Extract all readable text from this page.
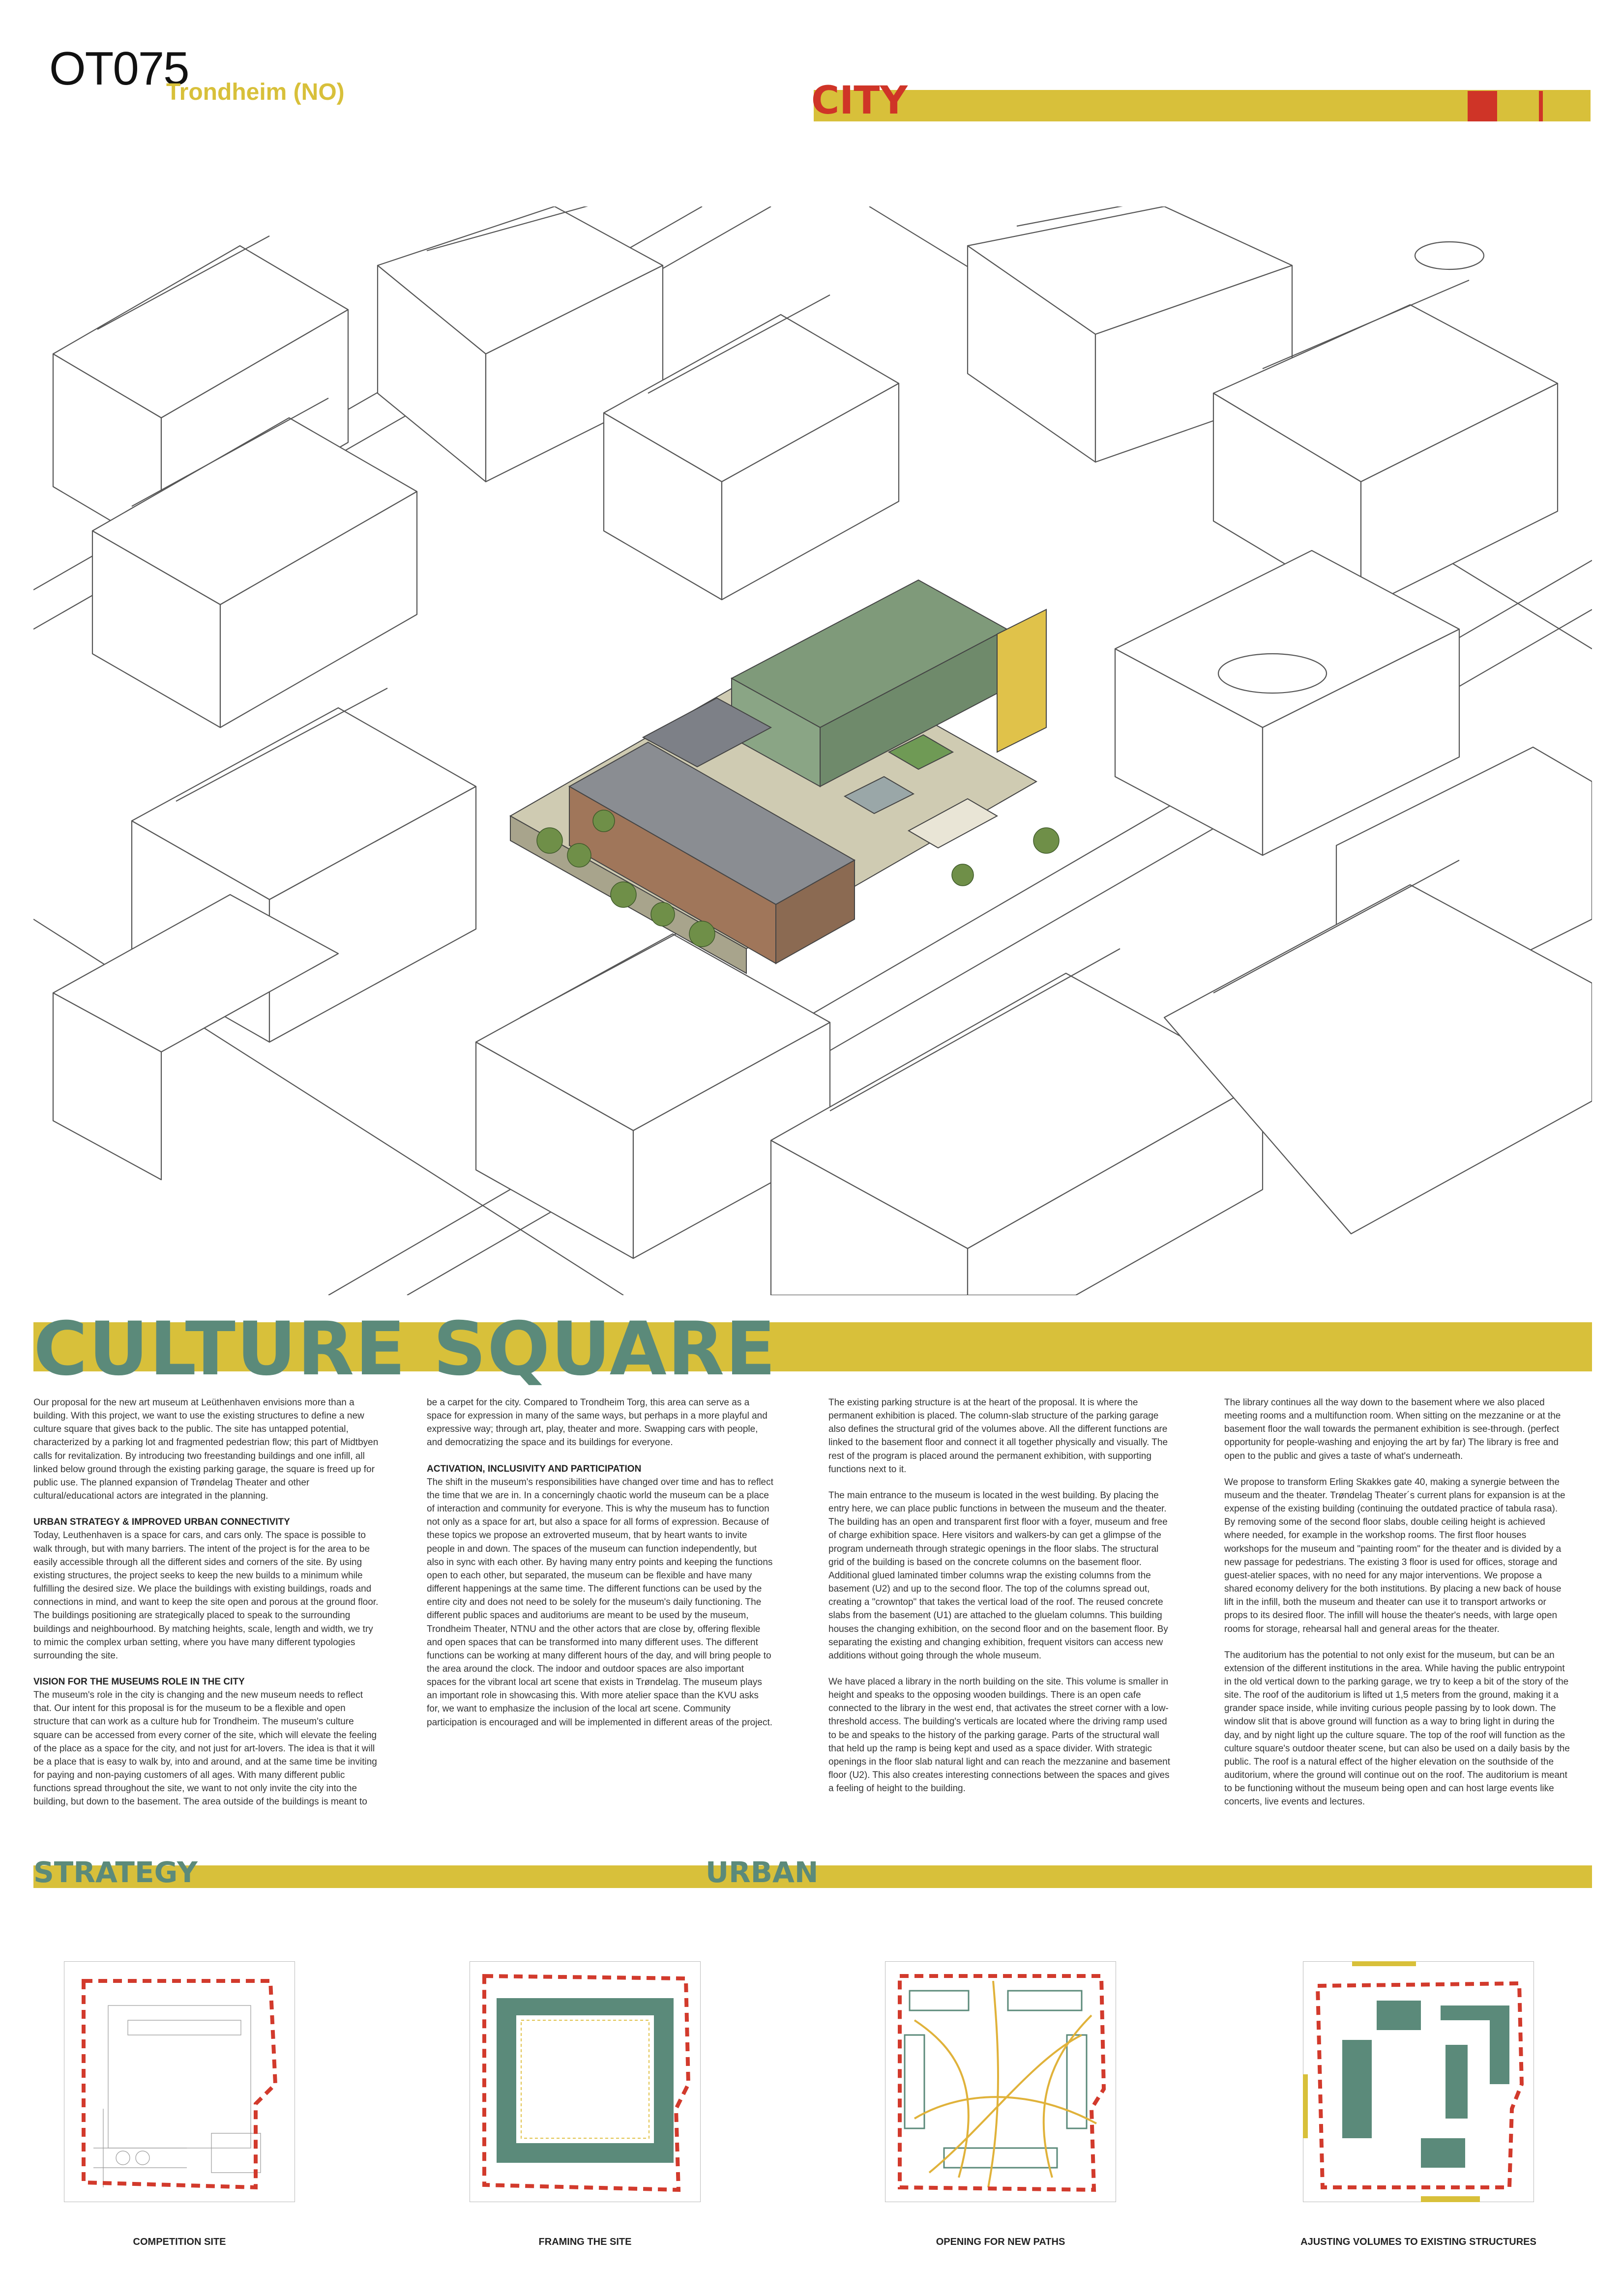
OT075
Trondheim (NO)	CITY
CULTURE SQUARE

Our proposal for the new art museum at Leüthenhaven envisions more than a building. With this project, we want to use the existing structures to define a new culture square that gives back to the public. The site has untapped potential, characterized by a parking lot and fragmented pedestrian flow; this part of Midtbyen calls for revitalization. By introducing two freestanding buildings and one infill, all linked below ground through the existing parking garage, the square is freed up for public use. The planned expansion of Trøndelag Theater and other cultural/educational actors are integrated in the planning.

URBAN STRATEGY & IMPROVED URBAN CONNECTIVITY

Today, Leuthenhaven is a space for cars, and cars only. The space is possible to walk through, but with many barriers. The intent of the project is for the area to be easily accessible through all the different sides and corners of the site. By using existing structures, the project seeks to keep the new builds to a minimum while fulfilling the desired size. We place the buildings with existing buildings, roads and connections in mind, and want to keep the site open and porous at the ground floor. The buildings positioning are strategically placed to speak to the surrounding buildings and neighbourhood. By matching heights, scale, length and width, we try to mimic the complex urban setting, where you have many different typologies surrounding the site.

VISION FOR THE MUSEUMS ROLE IN THE CITY

The museum's role in the city is changing and the new museum needs to reflect that. Our intent for this proposal is for the museum to be a flexible and open structure that can work as a culture hub for Trondheim. The museum's culture square can be accessed from every corner of the site, which will elevate the feeling of the place as a space for the city, and not just for art-lovers. The idea is that it will be a place that is easy to walk by, into and around, and at the same time be inviting for paying and non-paying customers of all ages. With many different public functions spread throughout the site, we want to not only invite the city into the building, but down to the basement. The area outside of the buildings is meant to

be a carpet for the city. Compared to Trondheim Torg, this area can serve as a space for expression in many of the same ways, but perhaps in a more playful and expressive way; through art, play, theater and more. Swapping cars with people, and democratizing the space and its buildings for everyone.

ACTIVATION, INCLUSIVITY AND PARTICIPATION

The shift in the museum's responsibilities have changed over time and has to reflect the time that we are in. In a concerningly chaotic world the museum can be a place of interaction and community for everyone. This is why the museum has to function not only as a space for art, but also a space for all forms of expression. Because of these topics we propose an extroverted museum, that by heart wants to invite people in and down. The spaces of the museum can function independently, but also in sync with each other. By having many entry points and keeping the functions open to each other, but separated, the museum can be flexible and have many different happenings at the same time. The different functions can be used by the entire city and does not need to be solely for the museum's daily functioning. The different public spaces and auditoriums are meant to be used by the museum, Trondheim Theater, NTNU and the other actors that are close by, offering flexible and open spaces that can be transformed into many different uses. The different functions can be working at many different hours of the day, and will bring people to the area around the clock. The indoor and outdoor spaces are also important spaces for the vibrant local art scene that exists in Trøndelag. The museum plays an important role in showcasing this. With more atelier space than the KVU asks for, we want to emphasize the inclusion of the local art scene. Community participation is encouraged and will be implemented in different areas of the project.

The existing parking structure is at the heart of the proposal. It is where the permanent exhibition is placed. The column-slab structure of the parking garage also defines the structural grid of the volumes above. All the different functions are linked to the basement floor and connect it all together physically and visually. The rest of the program is placed around the permanent exhibition, with supporting functions next to it.

The main entrance to the museum is located in the west building. By placing the entry here, we can place public functions in between the museum and the theater. The building has an open and transparent first floor with a foyer, museum and free of charge exhibition space. Here visitors and walkers-by can get a glimpse of the program underneath through strategic openings in the floor slabs. The structural grid of the building is based on the concrete columns on the basement floor. Additional glued laminated timber columns wrap the existing columns from the basement (U2) and up to the second floor. The top of the columns spread out, creating a "crowntop" that takes the vertical load of the roof. The reused concrete slabs from the basement (U1) are attached to the gluelam columns. This building houses the changing exhibition, on the second floor and on the basement floor. By separating the existing and changing exhibition, frequent visitors can access new additions without going through the whole museum.

We have placed a library in the north building on the site. This volume is smaller in height and speaks to the opposing wooden buildings. There is an open cafe connected to the library in the west end, that activates the street corner with a low-threshold access. The building's verticals are located where the driving ramp used to be and speaks to the history of the parking garage. Parts of the structural wall that held up the ramp is being kept and used as a space divider. With strategic openings in the floor slab natural light and can reach the mezzanine and basement floor (U2). This also creates interesting connections between the spaces and gives a feeling of height to the building.

The library continues all the way down to the basement where we also placed meeting rooms and a multifunction room. When sitting on the mezzanine or at the basement floor the wall towards the permanent exhibition is see-through. (perfect opportunity for people-washing and enjoying the art by far) The library is free and open to the public and gives a taste of what's underneath.

We propose to transform Erling Skakkes gate 40, making a synergie between the museum and the theater. Trøndelag Theater´s current plans for expansion is at the expense of the existing building (continuing the outdated practice of tabula rasa). By removing some of the second floor slabs, double ceiling height is achieved where needed, for example in the workshop rooms. The first floor houses workshops for the museum and "painting room" for the theater and is divided by a new passage for pedestrians. The existing 3 floor is used for offices, storage and guest-atelier spaces, with no need for any major interventions. We propose a shared economy delivery for the both institutions. By placing a new back of house lift in the infill, both the museum and theater can use it to transport artworks or props to its desired floor. The infill will house the theater's needs, with large open rooms for storage, rehearsal hall and general areas for the theater.

The auditorium has the potential to not only exist for the museum, but can be an extension of the different institutions in the area. While having the public entrypoint in the old vertical down to the parking garage, we try to keep a bit of the story of the site. The roof of the auditorium is lifted ut 1,5 meters from the ground, making it a grander space inside, while inviting curious people passing by to look down. The window slit that is above ground will function as a way to bring light in during the day, and by night light up the culture square. The top of the roof will function as the culture square's outdoor theater scene, but can also be used on a daily basis by the public. The roof is a natural effect of the higher elevation on the southside of the auditorium, where the ground will continue out on the roof. The auditorium is meant to be functioning without the museum being open and can host large events like concerts, live events and lectures.

STRATEGY	URBAN
COMPETITION SITE	FRAMING THE SITE	OPENING FOR NEW PATHS	AJUSTING VOLUMES TO EXISTING STRUCTURES
